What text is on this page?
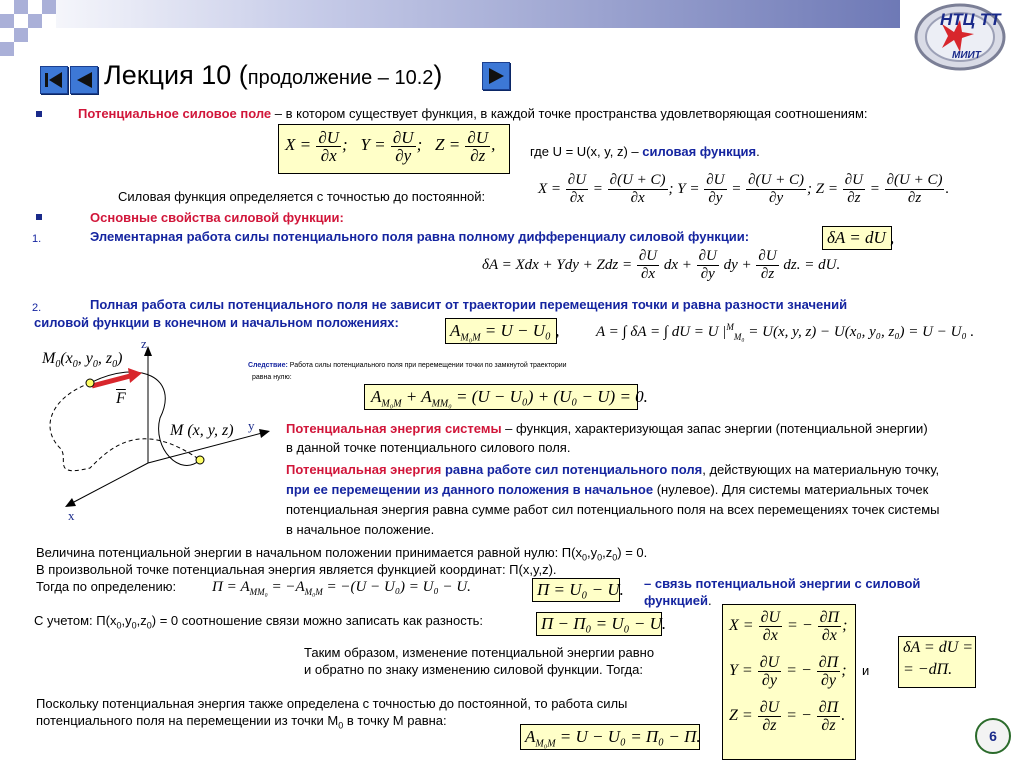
НТЦ ТТ
МИИТ
Лекция 10 (продолжение – 10.2)
Потенциальное силовое поле – в котором существует функция, в каждой точке пространства удовлетворяющая соотношениям:
$X = \frac{\partial U}{\partial x}$ ;   $Y = \frac{\partial U}{\partial y}$ ;   $Z = \frac{\partial U}{\partial z}$ ,	где U = U(x, y, z) – силовая функция.
Силовая функция определяется с точностью до постоянной:	$X = \frac{\partial U}{\partial x} = \frac{\partial(U + C)}{\partial x}$ ; $Y = \frac{\partial U}{\partial y} = \frac{\partial(U + C)}{\partial y}$ ; $Z = \frac{\partial U}{\partial z} = \frac{\partial(U + C)}{\partial z}$ .
Основные свойства силовой функции:
1.	Элементарная работа силы потенциального поля равна полному дифференциалу силовой функции:	δA = dU ,
δA = Xdx + Ydy + Zdz = $\frac{\partial U}{\partial x}$ dx + $\frac{\partial U}{\partial y}$ dy + $\frac{\partial U}{\partial z}$ dz. = dU.
2.	Полная работа силы потенциального поля не зависит от траектории перемещения точки и равна разности значений
силовой функции в конечном и начальном положениях:	$A_{M_0M} = U - U_0$ , A = ∫ δA = ∫ dU = U $|^M_{M_0} = U(x$, y, z) − U(x₀, y₀, z₀) = U − U₀ .
Следствие: Работа силы потенциального поля при перемещении точки по замкнутой траектории
равна нулю:
$A_{M_0M} + A_{MM_0} = (U - U_0) + (U_0 - U) = 0$.
z
y
x
$M_0(x_0$, $y_0$, $z_0$)
F
M (x, y, z)	Потенциальная энергия системы – функция, характеризующая запас энергии (потенциальной энергии)
в данной точке потенциального силового поля.
Потенциальная энергия равна работе сил потенциального поля, действующих на материальную точку,
при ее перемещении из данного положения в начальное (нулевое). Для системы материальных точек
потенциальная энергия равна сумме работ сил потенциального поля на всех перемещениях точек системы
в начальное положение.
Величина потенциальной энергии в начальном положении принимается равной нулю: $П(x_0,y_0,z_0) = 0$.
В произвольной точке потенциальная энергия является функцией координат: П(x,y,z).
Тогда по определению: $П = A_{MM_0} = -A_{M_0M} = -(U - U_0) = U_0 - U$.	П = U₀ − U. – связь потенциальной энергии с силовой
функцией.
С учетом: $П(x_0,y_0,z_0) = 0$ соотношение связи можно записать как разность:	П − П₀ = U₀ − U.
Таким образом, изменение потенциальной энергии равно
и обратно по знаку изменению силовой функции. Тогда:
$X = \frac{\partial U}{\partial x}$ = − $\frac{\partial П}{\partial x}$ ;
$Y = \frac{\partial U}{\partial y}$ = − $\frac{\partial П}{\partial y}$ ;
$Z = \frac{\partial U}{\partial z}$ = − $\frac{\partial П}{\partial z}$ .
и
δA = dU =
= −dП.
Поскольку потенциальная энергия также определена с точностью до постоянной, то работа силы
потенциального поля на перемещении из точки $M_0$ в точку M равна:
$A_{M_0M} = U - U_0 = П_0 - П$.	6
